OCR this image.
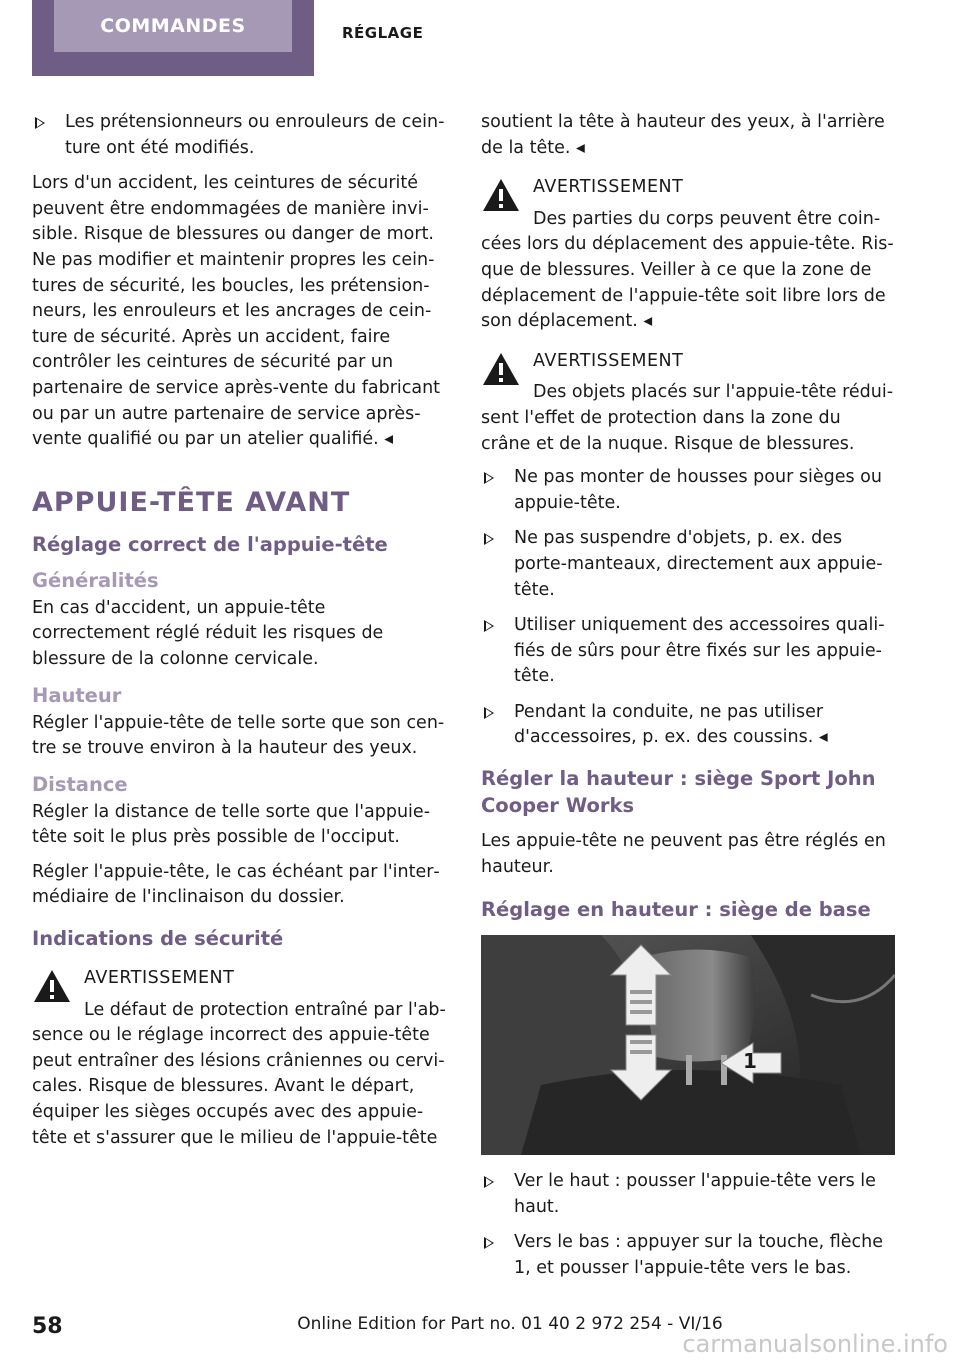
COMMANDES	RÉGLAGE
Les prétensionneurs ou enrouleurs de ceinture ont été modifiés.

Lors d'un accident, les ceintures de sécurité peuvent être endommagées de manière invisible. Risque de blessures ou danger de mort. Ne pas modifier et maintenir propres les ceintures de sécurité, les boucles, les prétensionneurs, les enrouleurs et les ancrages de ceinture de sécurité. Après un accident, faire contrôler les ceintures de sécurité par un partenaire de service après-vente du fabricant ou par un autre partenaire de service après-vente qualifié ou par un atelier qualifié. ◂

APPUIE-TÊTE AVANT
Réglage correct de l'appuie-tête
Généralités

En cas d'accident, un appuie-tête correctement réglé réduit les risques de blessure de la colonne cervicale.

Hauteur

Régler l'appuie-tête de telle sorte que son centre se trouve environ à la hauteur des yeux.

Distance

Régler la distance de telle sorte que l'appuie-tête soit le plus près possible de l'occiput.

Régler l'appuie-tête, le cas échéant par l'intermédiaire de l'inclinaison du dossier.

Indications de sécurité
AVERTISSEMENT

Le défaut de protection entraîné par l'absence ou le réglage incorrect des appuie-tête peut entraîner des lésions crâniennes ou cervicales. Risque de blessures. Avant le départ, équiper les sièges occupés avec des appuie-tête et s'assurer que le milieu de l'appuie-tête

soutient la tête à hauteur des yeux, à l'arrière de la tête. ◂

AVERTISSEMENT

Des parties du corps peuvent être coincées lors du déplacement des appuie-tête. Risque de blessures. Veiller à ce que la zone de déplacement de l'appuie-tête soit libre lors de son déplacement. ◂

AVERTISSEMENT

Des objets placés sur l'appuie-tête réduisent l'effet de protection dans la zone du crâne et de la nuque. Risque de blessures.

Ne pas monter de housses pour sièges ou appuie-tête.
Ne pas suspendre d'objets, p. ex. des porte-manteaux, directement aux appuie-tête.
Utiliser uniquement des accessoires qualifiés de sûrs pour être fixés sur les appuie-tête.
Pendant la conduite, ne pas utiliser d'accessoires, p. ex. des coussins. ◂
Régler la hauteur : siège Sport John Cooper Works

Les appuie-tête ne peuvent pas être réglés en hauteur.

Réglage en hauteur : siège de base
1
Ver le haut : pousser l'appuie-tête vers le haut.
Vers le bas : appuyer sur la touche, flèche 1, et pousser l'appuie-tête vers le bas.
58	Online Edition for Part no. 01 40 2 972 254 - VI/16
carmanualsonline.info
